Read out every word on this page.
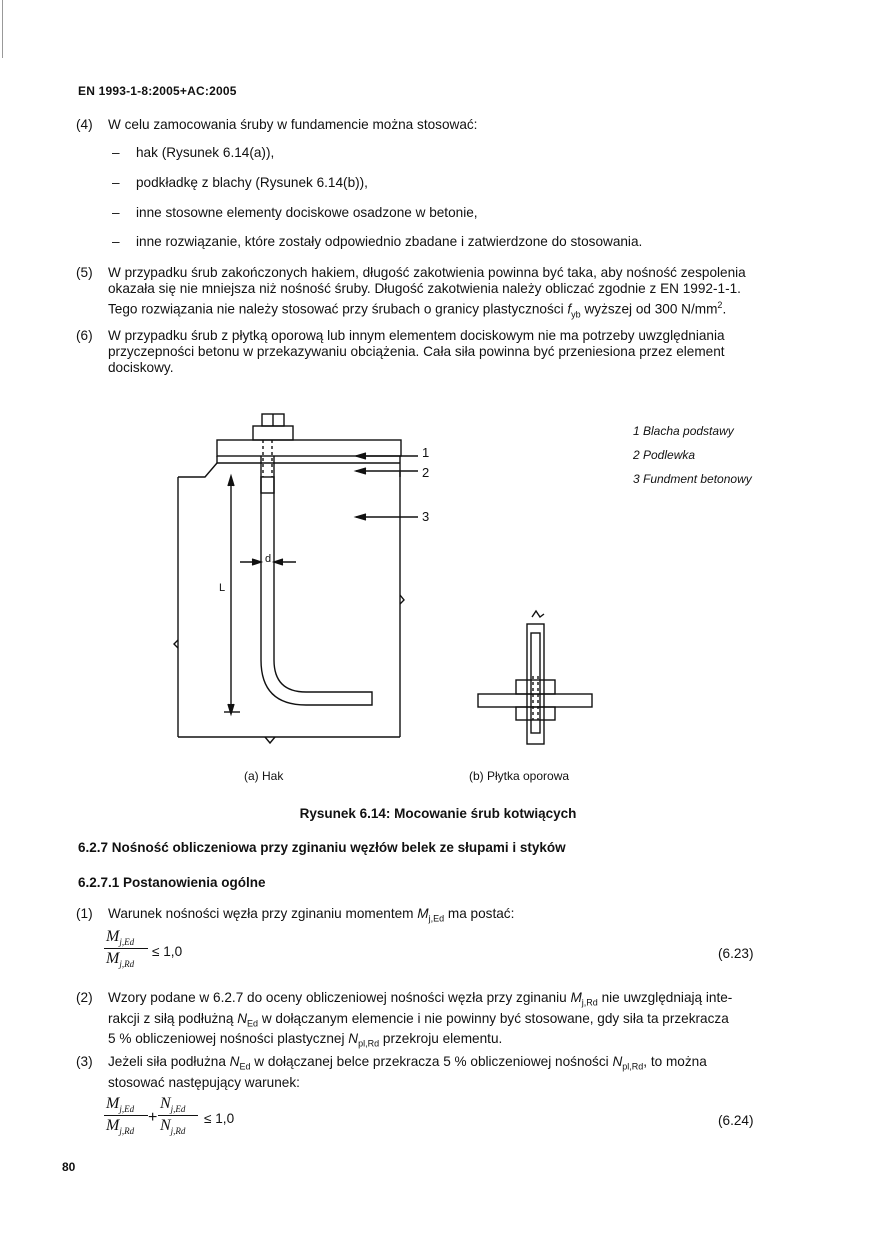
EN 1993-1-8:2005+AC:2005
(4) W celu zamocowania śruby w fundamencie można stosować:
– hak (Rysunek 6.14(a)),
– podkładkę z blachy (Rysunek 6.14(b)),
– inne stosowne elementy dociskowe osadzone w betonie,
– inne rozwiązanie, które zostały odpowiednio zbadane i zatwierdzone do stosowania.
(5) W przypadku śrub zakończonych hakiem, długość zakotwienia powinna być taka, aby nośność zespolenia
okazała się nie mniejsza niż nośność śruby. Długość zakotwienia należy obliczać zgodnie z EN 1992-1-1.
Tego rozwiązania nie należy stosować przy śrubach o granicy plastyczności $f_{yb}$ wyższej od 300 $N/mm^2$.
(6) W przypadku śrub z płytką oporową lub innym elementem dociskowym nie ma potrzeby uwzględniania
przyczepności betonu w przekazywaniu obciążenia. Cała siła powinna być przeniesiona przez element
dociskowy.
d
L
1
2
3
1 Blacha podstawy
2 Podlewka
3 Fundment betonowy
(a) Hak	(b) Płytka oporowa
Rysunek 6.14: Mocowanie śrub kotwiących
6.2.7 Nośność obliczeniowa przy zginaniu węzłów belek ze słupami i styków
6.2.7.1 Postanowienia ogólne
(1) Warunek nośności węzła przy zginaniu momentem $M_{j,Ed}$ ma postać:
$M_{j,Ed}$
$M_{j,Rd}$
≤ 1,0	(6.23)
(2) Wzory podane w 6.2.7 do oceny obliczeniowej nośności węzła przy zginaniu $M_{j,Rd}$ nie uwzględniają inte-
rakcji z siłą podłużną $N_{Ed}$ w dołączanym elemencie i nie powinny być stosowane, gdy siła ta przekracza
5 % obliczeniowej nośności plastycznej $N_{pl,Rd}$ przekroju elementu.
(3) Jeżeli siła podłużna $N_{Ed}$ w dołączanej belce przekracza 5 % obliczeniowej nośności $N_{pl,Rd}$, to można
stosować następujący warunek:
$M_{j,Ed}$
$M_{j,Rd}$
+
$N_{j,Ed}$
$N_{j,Rd}$
≤ 1,0	(6.24)
80
